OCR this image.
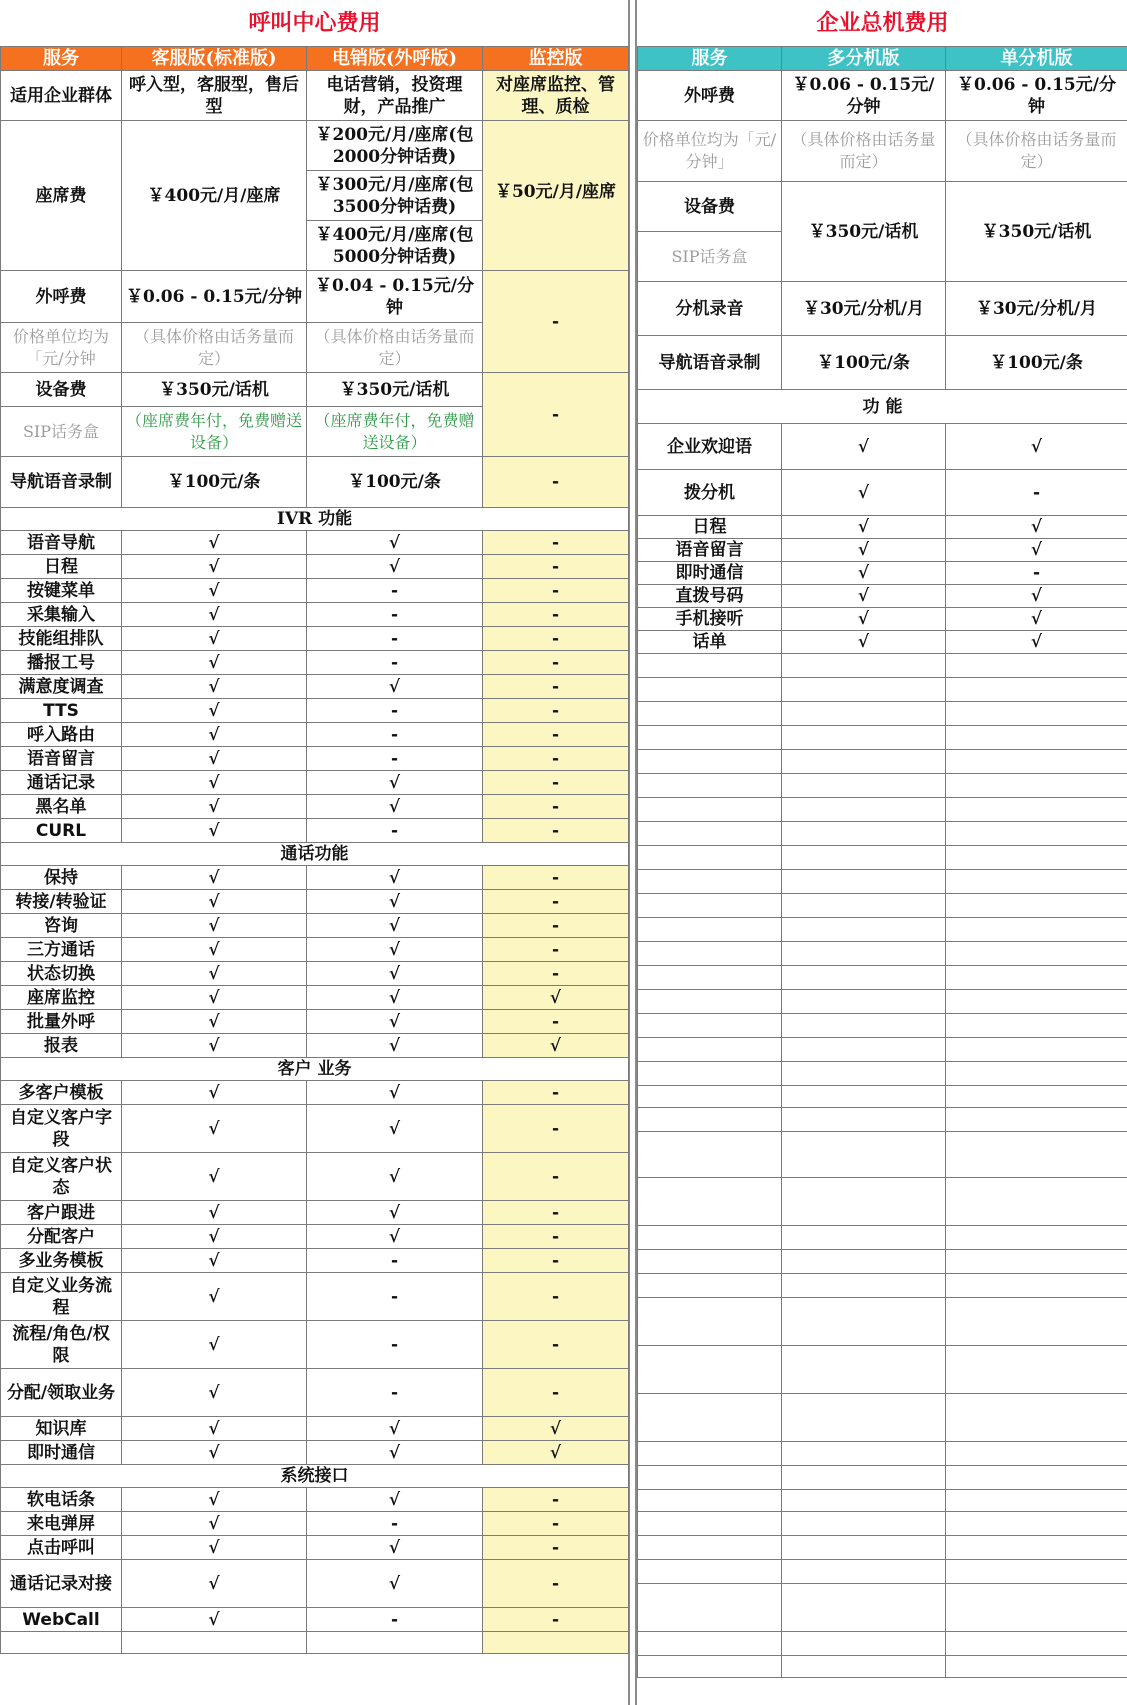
呼叫中心费用			
服务	客服版(标准版)	电销版(外呼版)	监控版
适用企业群体	呼入型，客服型，售后型	电话营销，投资理财，产品推广	对座席监控、管理、质检
座席费	￥400元/月/座席	￥200元/月/座席(包2000分钟话费)	￥50元/月/座席
		￥300元/月/座席(包3500分钟话费)	
		￥400元/月/座席(包5000分钟话费)	
外呼费	￥0.06 - 0.15元/分钟	￥0.04 - 0.15元/分钟	-
价格单位均为「元/分钟	（具体价格由话务量而定）	（具体价格由话务量而定）	
设备费	￥350元/话机	￥350元/话机	-
SIP话务盒	（座席费年付，免费赠送设备）	（座席费年付，免费赠送设备）	
导航语音录制	￥100元/条	￥100元/条	-
IVR 功能			
语音导航	√	√	-
日程	√	√	-
按键菜单	√	-	-
采集输入	√	-	-
技能组排队	√	-	-
播报工号	√	-	-
满意度调查	√	√	-
TTS	√	-	-
呼入路由	√	-	-
语音留言	√	-	-
通话记录	√	√	-
黑名单	√	√	-
CURL	√	-	-
通话功能			
保持	√	√	-
转接/转验证	√	√	-
咨询	√	√	-
三方通话	√	√	-
状态切换	√	√	-
座席监控	√	√	√
批量外呼	√	√	-
报表	√	√	√
客户 业务			
多客户模板	√	√	-
自定义客户字段	√	√	-
自定义客户状态	√	√	-
客户跟进	√	√	-
分配客户	√	√	-
多业务模板	√	-	-
自定义业务流程	√	-	-
流程/角色/权限	√	-	-
分配/领取业务	√	-	-
知识库	√	√	√
即时通信	√	√	√
系统接口			
软电话条	√	√	-
来电弹屏	√	-	-
点击呼叫	√	√	-
通话记录对接	√	√	-
WebCall	√	-	-

企业总机费用		
服务	多分机版	单分机版
外呼费	￥0.06 - 0.15元/分钟	￥0.06 - 0.15元/分钟
价格单位均为「元/分钟」	（具体价格由话务量而定）	（具体价格由话务量而定）
设备费	￥350元/话机	￥350元/话机
SIP话务盒		
分机录音	￥30元/分机/月	￥30元/分机/月
导航语音录制	￥100元/条	￥100元/条
功 能		
企业欢迎语	√	√
拨分机	√	-
日程	√	√
语音留言	√	√
即时通信	√	-
直拨号码	√	√
手机接听	√	√
话单	√	√
